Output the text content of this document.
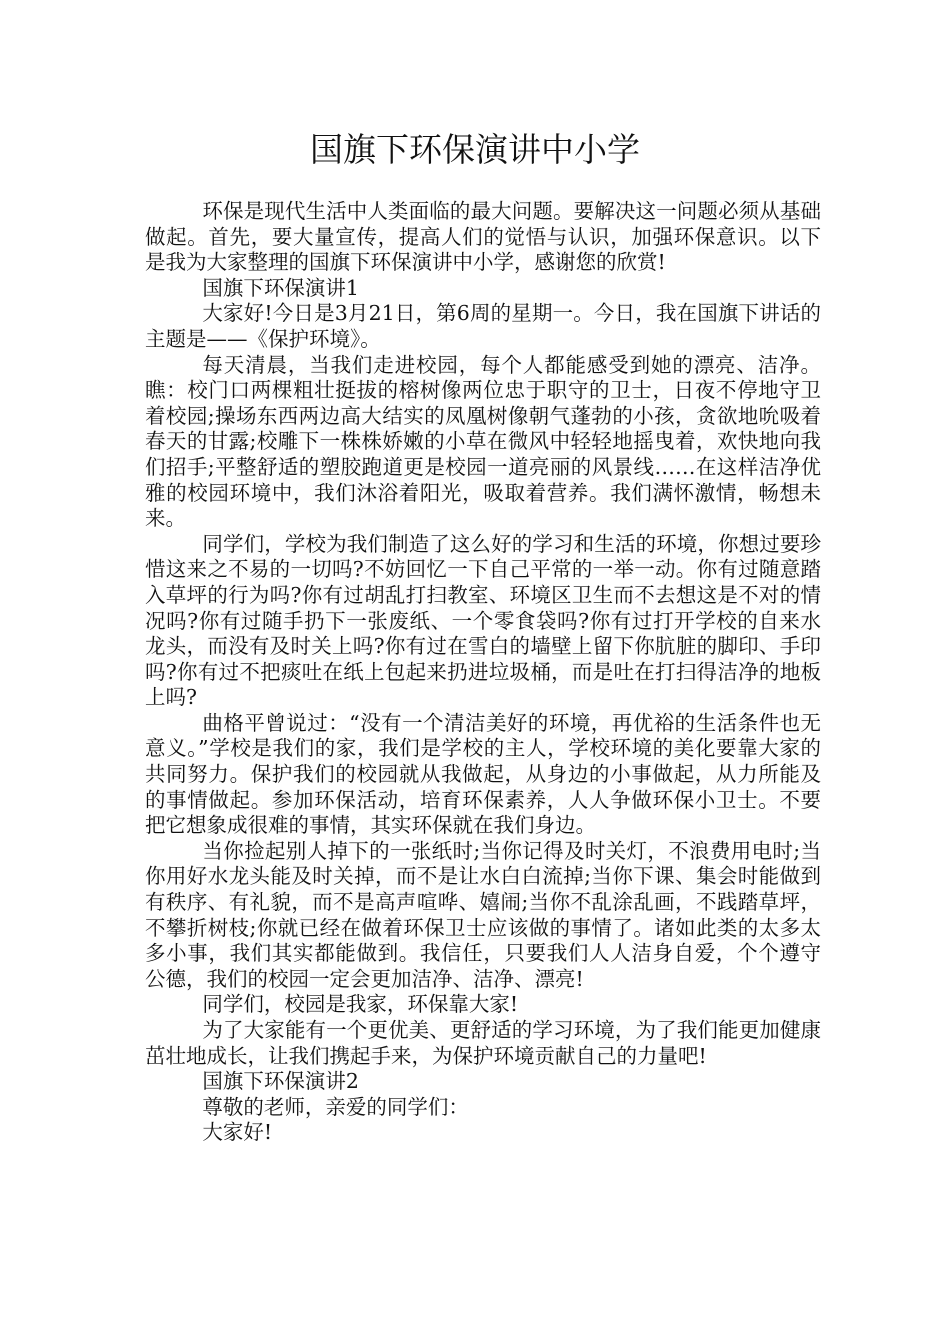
国旗下环保演讲中小学

环保是现代生活中人类面临的最大问题。要解决这一问题必须从基础做起。首先，要大量宣传，提高人们的觉悟与认识，加强环保意识。以下是我为大家整理的国旗下环保演讲中小学，感谢您的欣赏!

国旗下环保演讲1

大家好!今日是3月21日，第6周的星期一。今日，我在国旗下讲话的主题是——《保护环境》。

每天清晨，当我们走进校园，每个人都能感受到她的漂亮、洁净。瞧：校门口两棵粗壮挺拔的榕树像两位忠于职守的卫士，日夜不停地守卫着校园;操场东西两边高大结实的凤凰树像朝气蓬勃的小孩，贪欲地吮吸着春天的甘露;校雕下一株株娇嫩的小草在微风中轻轻地摇曳着，欢快地向我们招手;平整舒适的塑胶跑道更是校园一道亮丽的风景线……在这样洁净优雅的校园环境中，我们沐浴着阳光，吸取着营养。我们满怀激情，畅想未来。

同学们，学校为我们制造了这么好的学习和生活的环境，你想过要珍惜这来之不易的一切吗?不妨回忆一下自己平常的一举一动。你有过随意踏入草坪的行为吗?你有过胡乱打扫教室、环境区卫生而不去想这是不对的情况吗?你有过随手扔下一张废纸、一个零食袋吗?你有过打开学校的自来水龙头，而没有及时关上吗?你有过在雪白的墙壁上留下你肮脏的脚印、手印吗?你有过不把痰吐在纸上包起来扔进垃圾桶，而是吐在打扫得洁净的地板上吗?

曲格平曾说过：“没有一个清洁美好的环境，再优裕的生活条件也无意义。”学校是我们的家，我们是学校的主人，学校环境的美化要靠大家的共同努力。保护我们的校园就从我做起，从身边的小事做起，从力所能及的事情做起。参加环保活动，培育环保素养，人人争做环保小卫士。不要把它想象成很难的事情，其实环保就在我们身边。

当你捡起别人掉下的一张纸时;当你记得及时关灯，不浪费用电时;当你用好水龙头能及时关掉，而不是让水白白流掉;当你下课、集会时能做到有秩序、有礼貌，而不是高声喧哗、嬉闹;当你不乱涂乱画，不践踏草坪，不攀折树枝;你就已经在做着环保卫士应该做的事情了。诸如此类的太多太多小事，我们其实都能做到。我信任，只要我们人人洁身自爱，个个遵守公德，我们的校园一定会更加洁净、洁净、漂亮!

同学们，校园是我家，环保靠大家!

为了大家能有一个更优美、更舒适的学习环境，为了我们能更加健康茁壮地成长，让我们携起手来，为保护环境贡献自己的力量吧!

国旗下环保演讲2

尊敬的老师，亲爱的同学们：

大家好!
